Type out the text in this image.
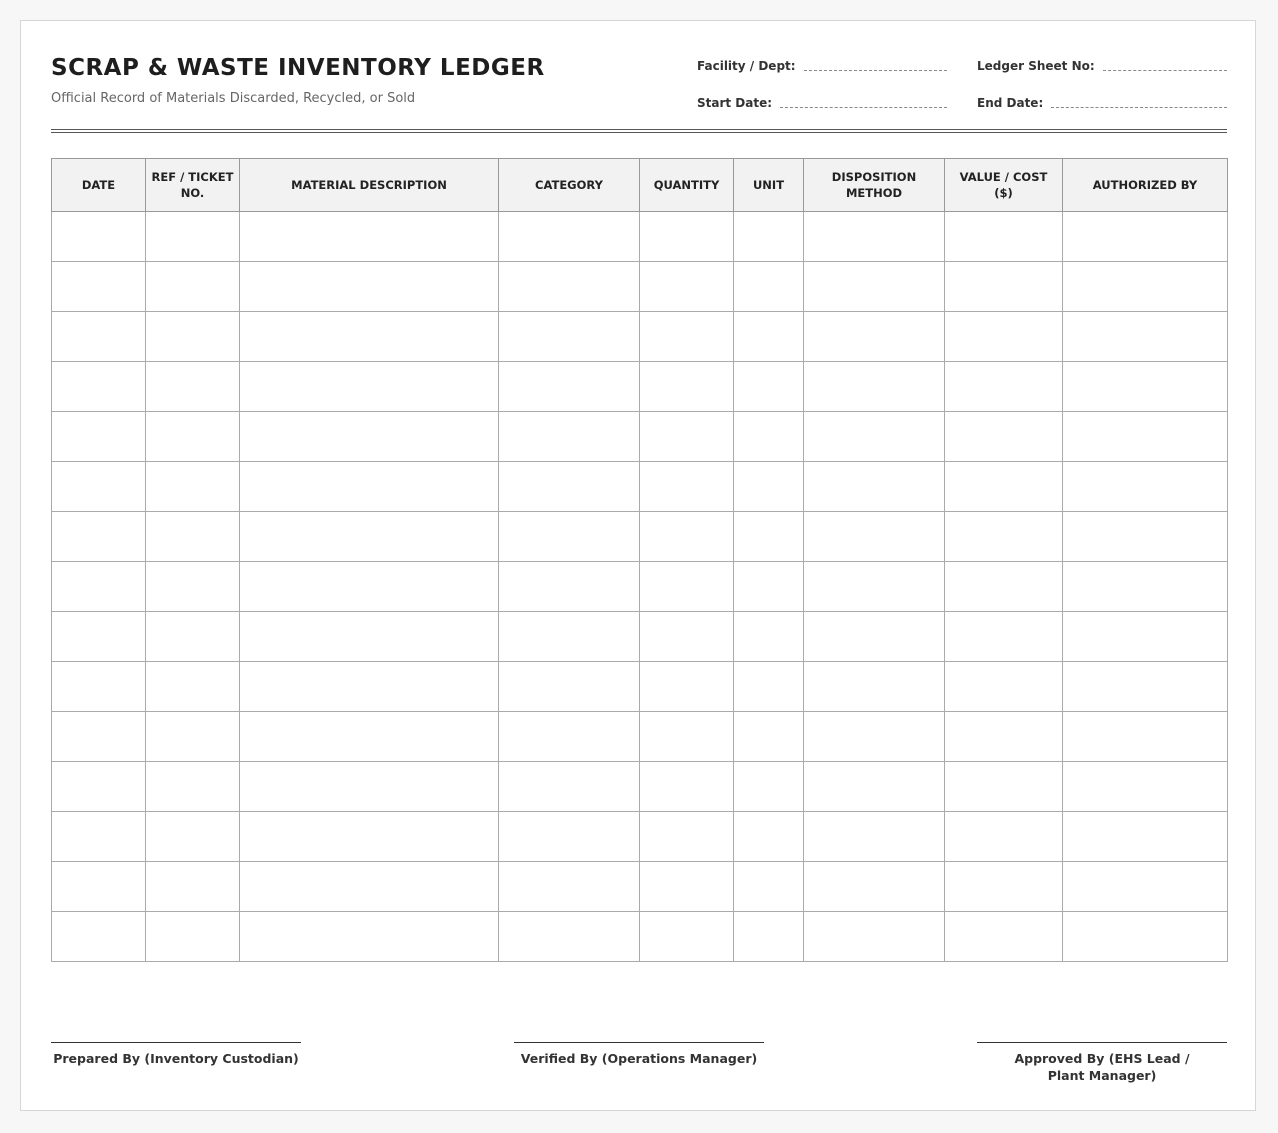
SCRAP & WASTE INVENTORY LEDGER
Official Record of Materials Discarded, Recycled, or Sold
Facility / Dept:	Ledger Sheet No:
Start Date:	End Date:
DATE	REF / TICKET NO.	MATERIAL DESCRIPTION	CATEGORY	QUANTITY	UNIT	DISPOSITION METHOD	VALUE / COST ($)	AUTHORIZED BY

Prepared By (Inventory Custodian)	Verified By (Operations Manager)	Approved By (EHS Lead / Plant Manager)
